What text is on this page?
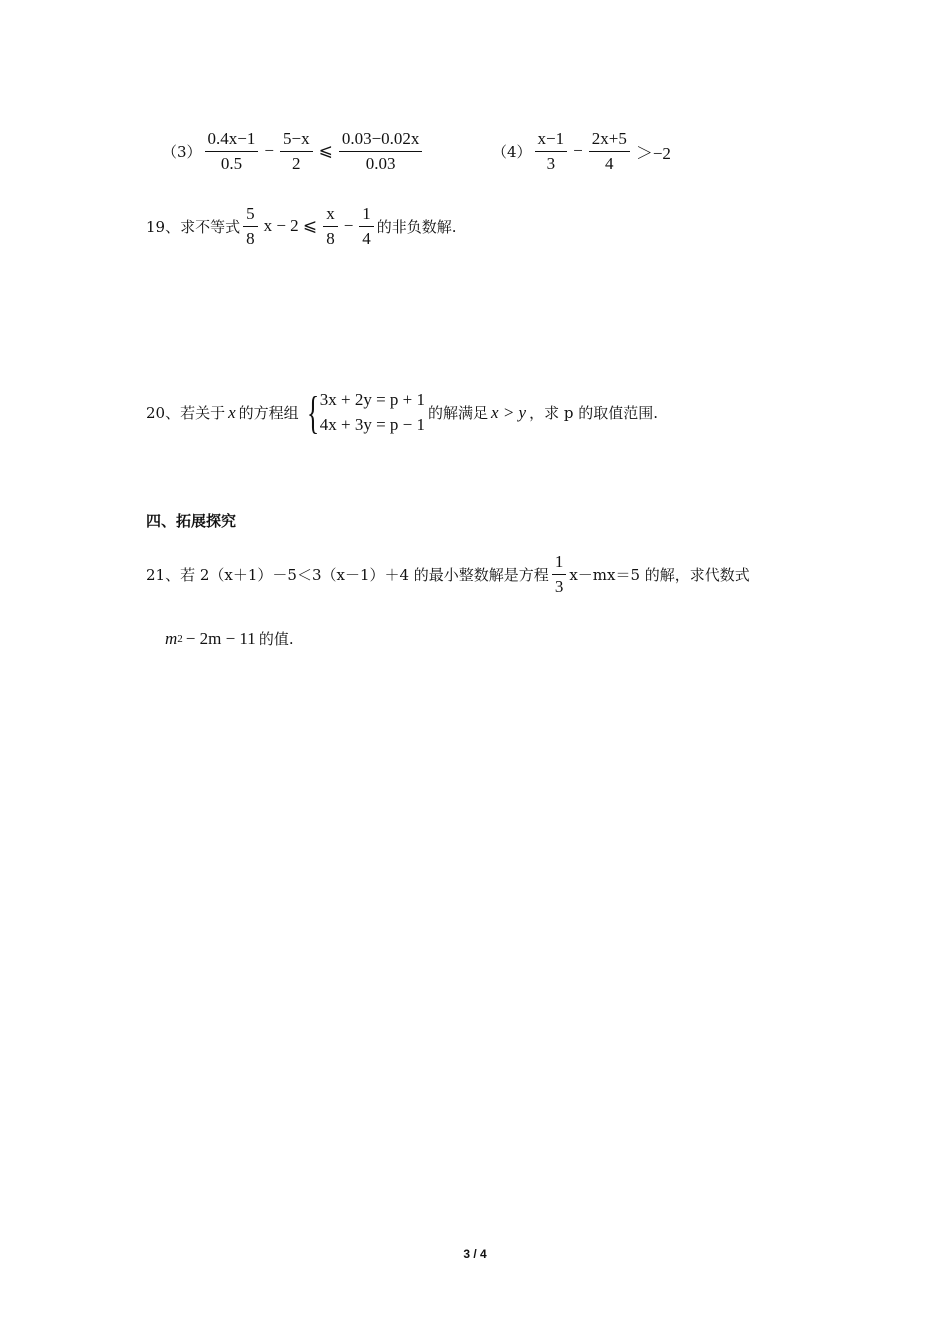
$(3) \frac{0.4x-1}{0.5} - \frac{5-x}{2}$ ⩽ $\frac{0.03-0.02x}{0.03}$	$(4) \frac{x-1}{3} - \frac{2x+5}{4} >-2$
19、求不等式 $\frac{5}{8}$ x − 2 ⩽ $\frac{x}{8} - \frac{1}{4}$ 的非负数解.
20、若关于 x 的方程组 { 3x + 2y = p + 1
4x + 3y = p − 1
的解满足 x > y ，求 p 的取值范围.
四、拓展探究
21、若 2（x＋1）－5＜3（x－1）＋4 的最小整数解是方程 $\frac{1}{3} x-mx=5$ 的解，求代数式
m 2 − 2m − 11 的值.
3 / 4
